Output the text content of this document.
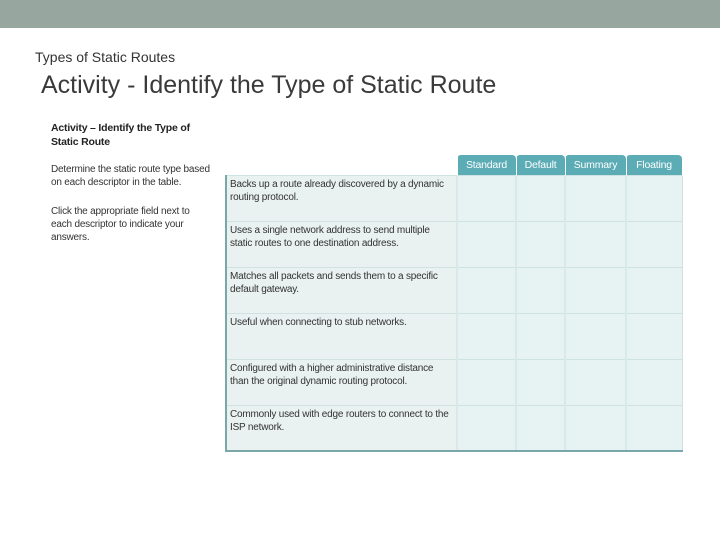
Types of Static Routes
Activity - Identify the Type of Static Route
Activity – Identify the Type of Static Route

Determine the static route type based on each descriptor in the table.

Click the appropriate field next to each descriptor to indicate your answers.

	Standard	Default	Summary	Floating
Backs up a route already discovered by a dynamic routing protocol.				
Uses a single network address to send multiple static routes to one destination address.				
Matches all packets and sends them to a specific default gateway.				
Useful when connecting to stub networks.				
Configured with a higher administrative distance than the original dynamic routing protocol.				
Commonly used with edge routers to connect to the ISP network.				
